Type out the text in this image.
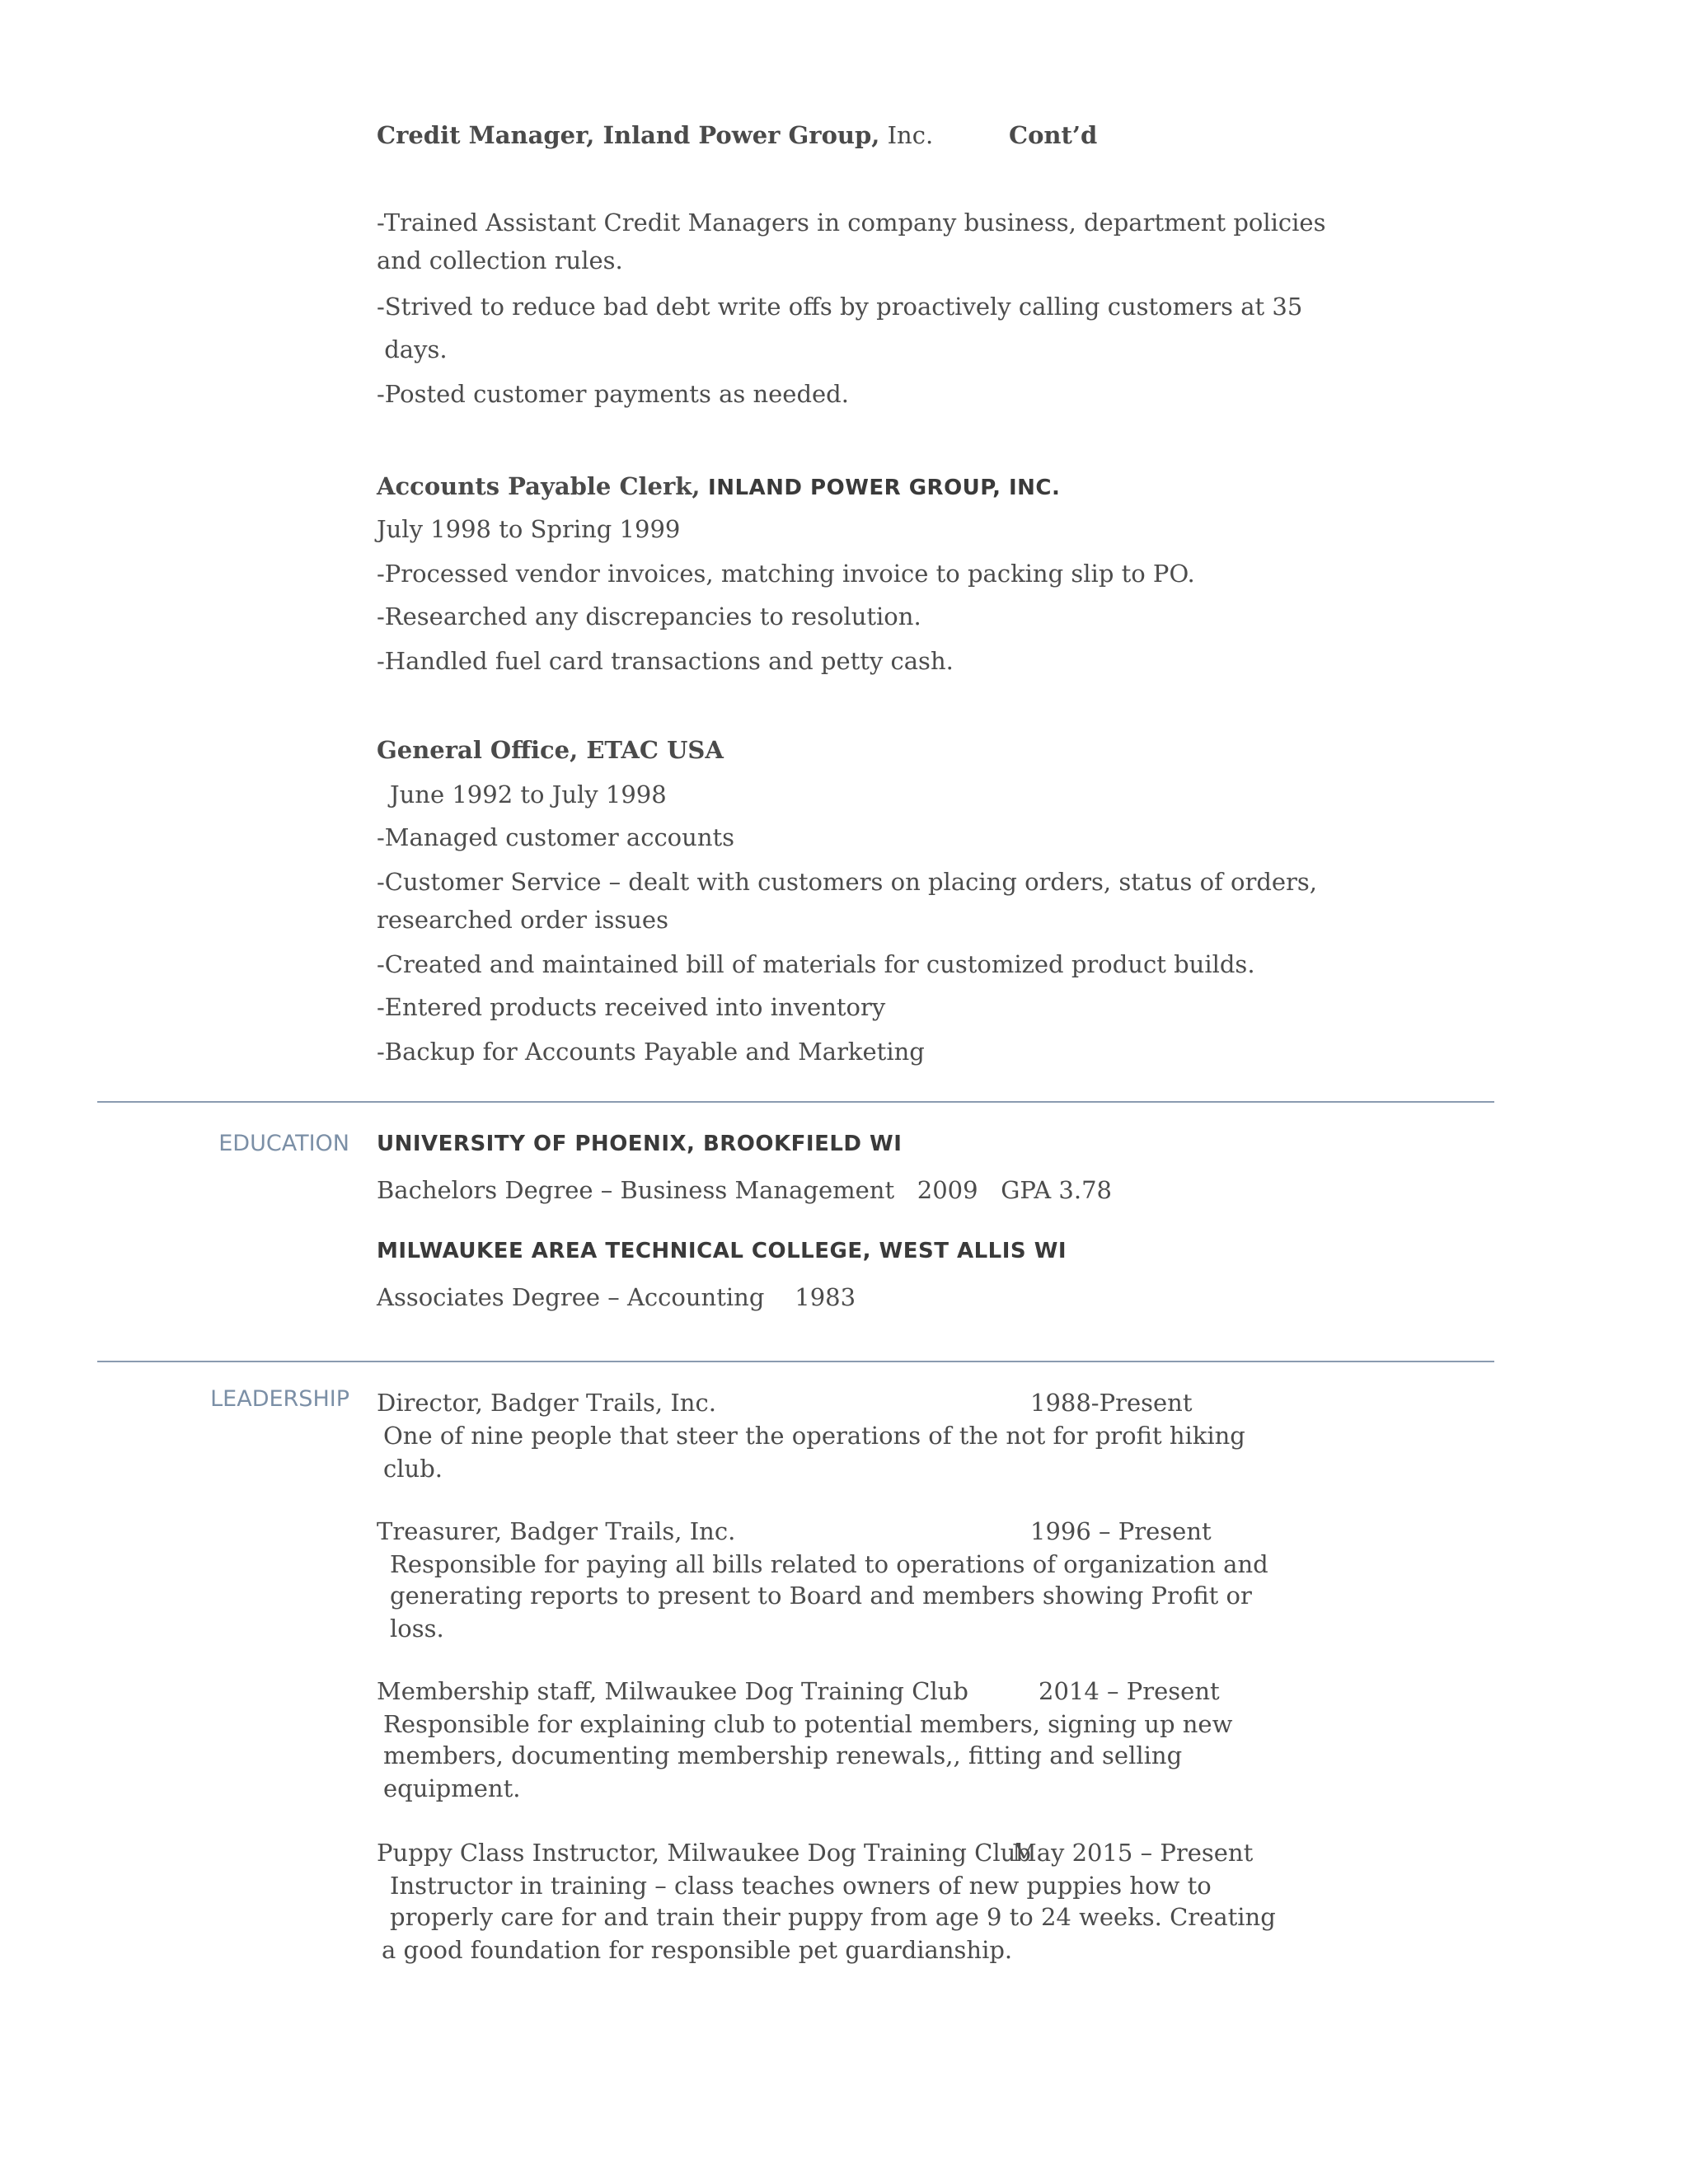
Credit Manager, Inland Power Group, Inc.	Cont’d
-Trained Assistant Credit Managers in company business, department policies
and collection rules.
-Strived to reduce bad debt write offs by proactively calling customers at 35
days.
-Posted customer payments as needed.
Accounts Payable Clerk, INLAND POWER GROUP, INC.
July 1998 to Spring 1999
-Processed vendor invoices, matching invoice to packing slip to PO.
-Researched any discrepancies to resolution.
-Handled fuel card transactions and petty cash.
General Office, ETAC USA
June 1992 to July 1998
-Managed customer accounts
-Customer Service – dealt with customers on placing orders, status of orders,
researched order issues
-Created and maintained bill of materials for customized product builds.
-Entered products received into inventory
-Backup for Accounts Payable and Marketing
EDUCATION UNIVERSITY OF PHOENIX, BROOKFIELD WI
Bachelors Degree – Business Management   2009   GPA 3.78
MILWAUKEE AREA TECHNICAL COLLEGE, WEST ALLIS WI
Associates Degree – Accounting    1983
LEADERSHIP Director, Badger Trails, Inc.	1988-Present
One of nine people that steer the operations of the not for profit hiking
club.
Treasurer, Badger Trails, Inc.	1996 – Present
Responsible for paying all bills related to operations of organization and
generating reports to present to Board and members showing Profit or
loss.
Membership staff, Milwaukee Dog Training Club	2014 – Present
Responsible for explaining club to potential members, signing up new
members, documenting membership renewals,, fitting and selling
equipment.
Puppy Class Instructor, Milwaukee Dog Training Club
May 2015 – Present
Instructor in training – class teaches owners of new puppies how to
properly care for and train their puppy from age 9 to 24 weeks. Creating
a good foundation for responsible pet guardianship.
